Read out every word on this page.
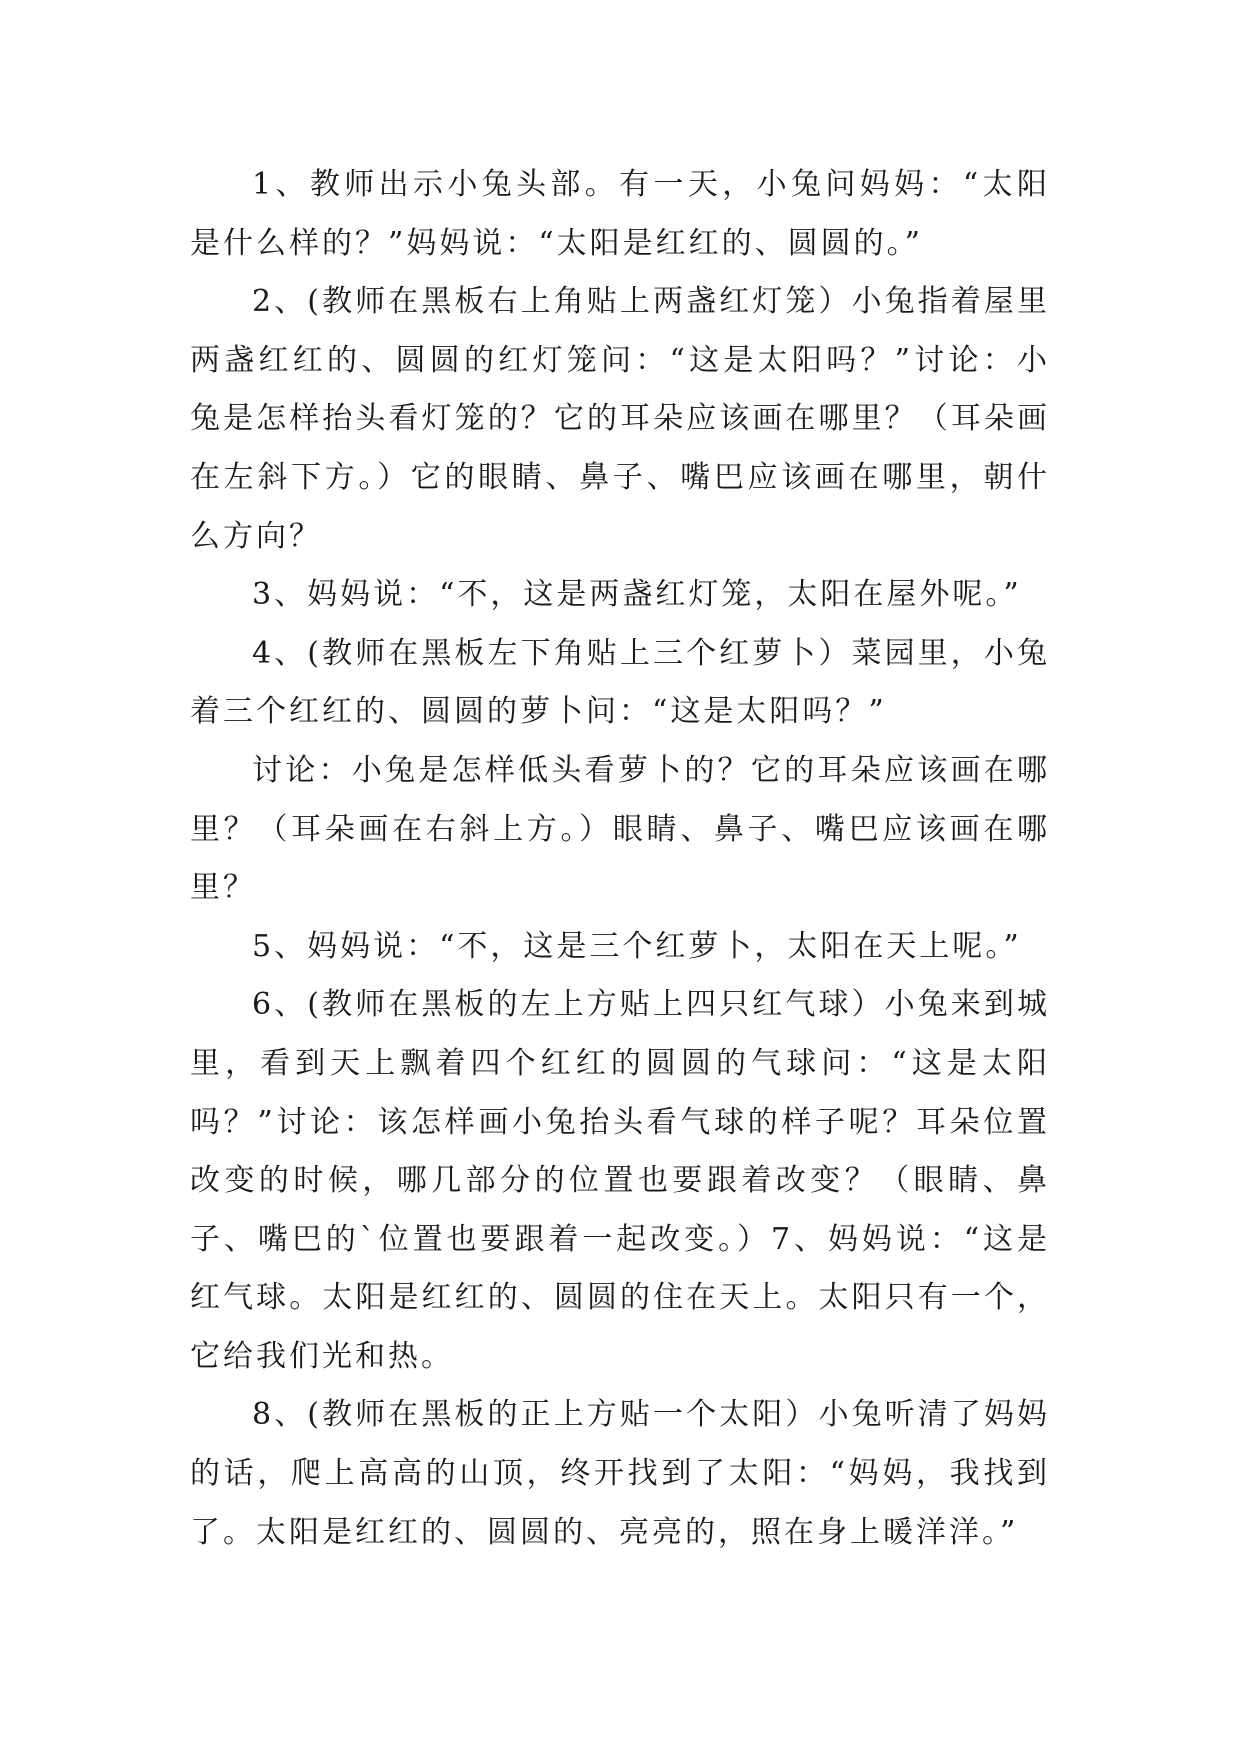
1、教师出示小兔头部。有一天，小兔问妈妈：“太阳是什么样的？”妈妈说：“太阳是红红的、圆圆的。”

2、(教师在黑板右上角贴上两盏红灯笼）小兔指着屋里两盏红红的、圆圆的红灯笼问：“这是太阳吗？”讨论：小兔是怎样抬头看灯笼的？它的耳朵应该画在哪里？（耳朵画在左斜下方。）它的眼睛、鼻子、嘴巴应该画在哪里，朝什么方向？

3、妈妈说：“不，这是两盏红灯笼，太阳在屋外呢。”

4、(教师在黑板左下角贴上三个红萝卜）菜园里，小兔着三个红红的、圆圆的萝卜问：“这是太阳吗？”

讨论：小兔是怎样低头看萝卜的？它的耳朵应该画在哪里？（耳朵画在右斜上方。）眼睛、鼻子、嘴巴应该画在哪里？

5、妈妈说：“不，这是三个红萝卜，太阳在天上呢。”

6、(教师在黑板的左上方贴上四只红气球）小兔来到城里，看到天上飘着四个红红的圆圆的气球问：“这是太阳吗？”讨论：该怎样画小兔抬头看气球的样子呢？耳朵位置改变的时候，哪几部分的位置也要跟着改变？（眼睛、鼻子、嘴巴的`位置也要跟着一起改变。）7、妈妈说：“这是红气球。太阳是红红的、圆圆的住在天上。太阳只有一个，它给我们光和热。

8、(教师在黑板的正上方贴一个太阳）小兔听清了妈妈的话，爬上高高的山顶，终开找到了太阳：“妈妈，我找到了。太阳是红红的、圆圆的、亮亮的，照在身上暖洋洋。”
